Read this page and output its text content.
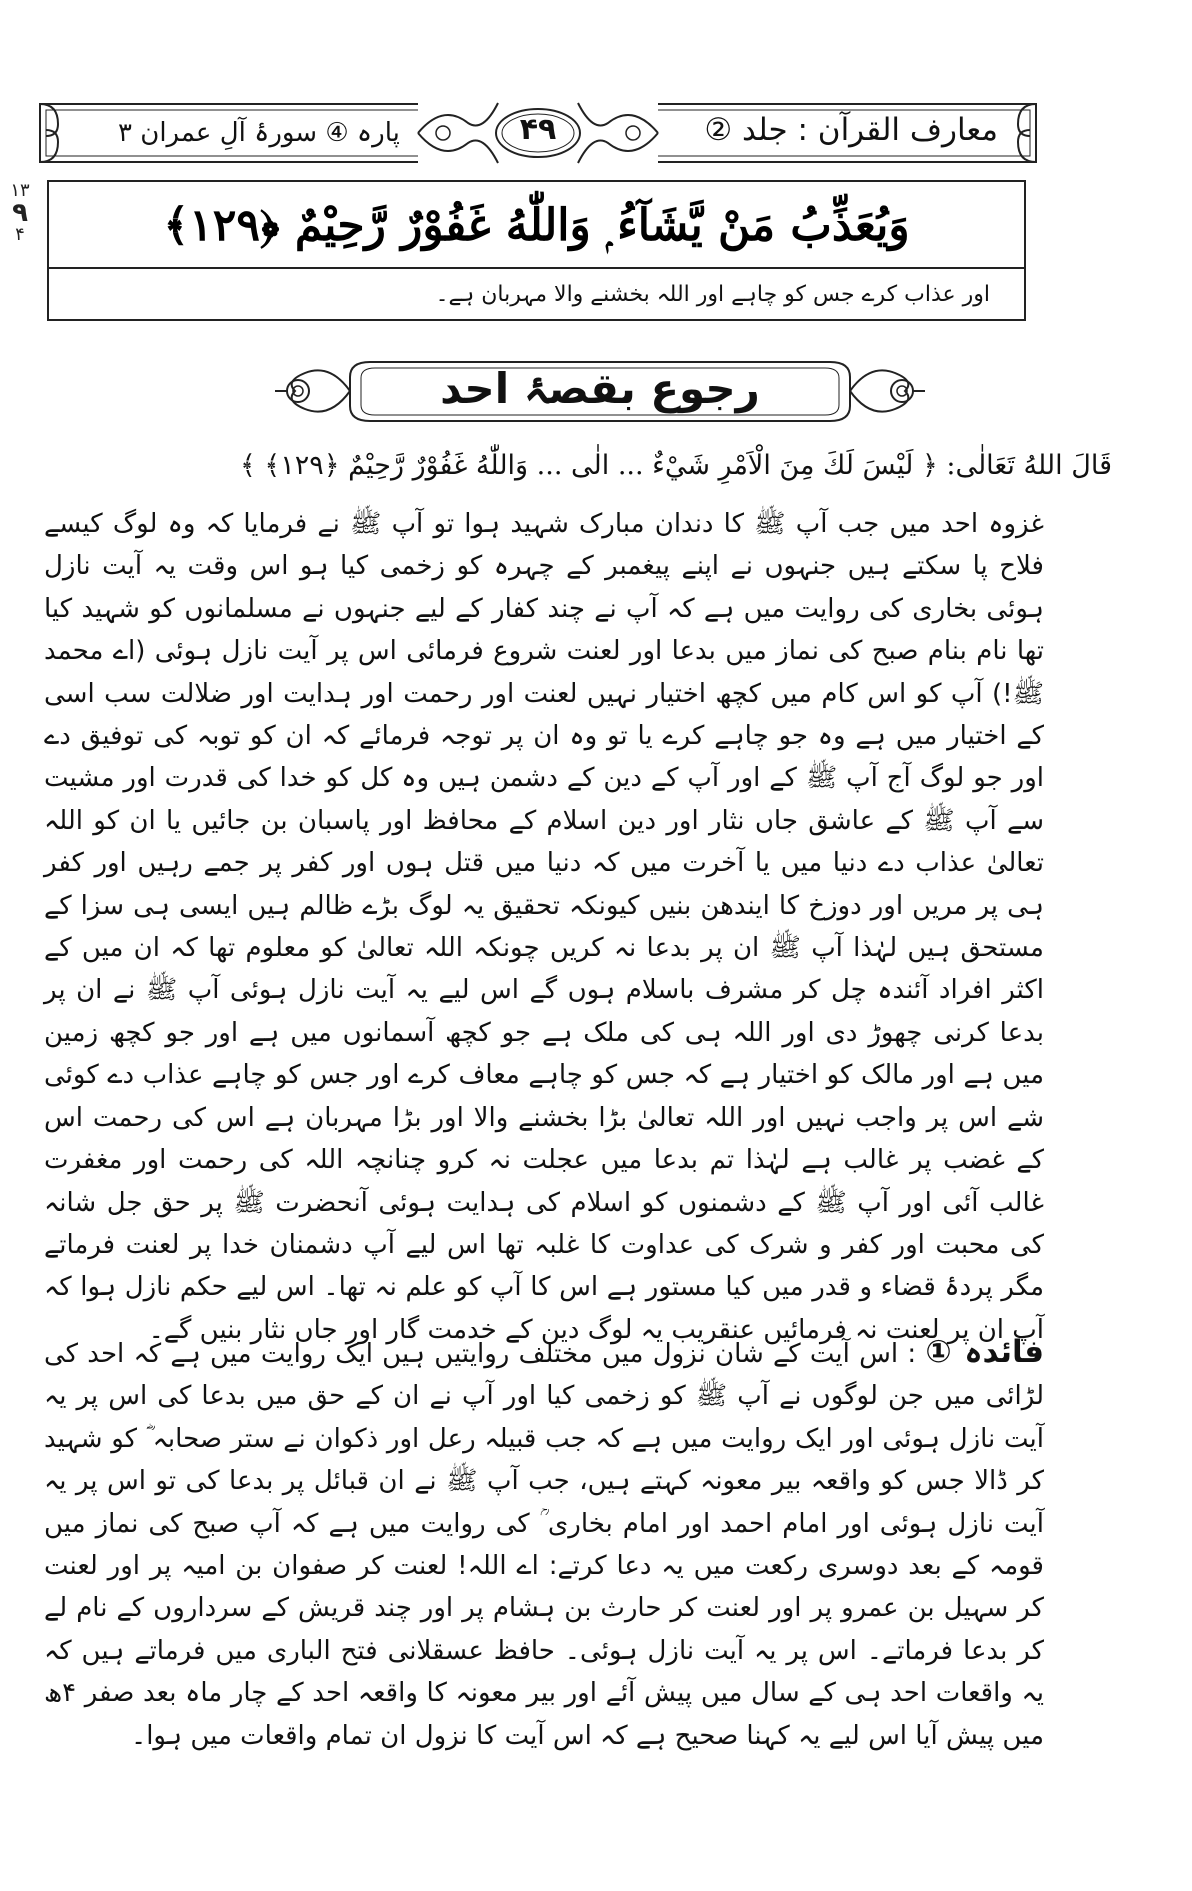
معارف القرآن : جلد ②
۴۹
پارہ ④ سورۂ آلِ عمران ۳
۱۳
۹
۴	وَيُعَذِّبُ مَنْ يَّشَآءُ ۭ وَاللّٰهُ غَفُوْرٌ رَّحِيْمٌ ﴿۱۲۹﴾
اور عذاب کرے جس کو چاہے اور اللہ بخشنے والا مہربان ہے۔
رجوع بقصۂ احد
قَالَ اللهُ تَعَالٰی: ﴿ لَيْسَ لَكَ مِنَ الْاَمْرِ شَيْءٌ ... الٰی ... وَاللّٰهُ غَفُوْرٌ رَّحِيْمٌ ﴿۱۲۹﴾ ﴾

غزوہ احد میں جب آپ ﷺ کا دندان مبارک شہید ہوا تو آپ ﷺ نے فرمایا کہ وہ لوگ کیسے فلاح پا سکتے ہیں جنہوں نے اپنے پیغمبر کے چہرہ کو زخمی کیا ہو اس وقت یہ آیت نازل ہوئی بخاری کی روایت میں ہے کہ آپ نے چند کفار کے لیے جنہوں نے مسلمانوں کو شہید کیا تھا نام بنام صبح کی نماز میں بدعا اور لعنت شروع فرمائی اس پر آیت نازل ہوئی (اے محمد ﷺ!) آپ کو اس کام میں کچھ اختیار نہیں لعنت اور رحمت اور ہدایت اور ضلالت سب اسی کے اختیار میں ہے وہ جو چاہے کرے یا تو وہ ان پر توجہ فرمائے کہ ان کو توبہ کی توفیق دے اور جو لوگ آج آپ ﷺ کے اور آپ کے دین کے دشمن ہیں وہ کل کو خدا کی قدرت اور مشیت سے آپ ﷺ کے عاشق جاں نثار اور دین اسلام کے محافظ اور پاسبان بن جائیں یا ان کو اللہ تعالیٰ عذاب دے دنیا میں یا آخرت میں کہ دنیا میں قتل ہوں اور کفر پر جمے رہیں اور کفر ہی پر مریں اور دوزخ کا ایندھن بنیں کیونکہ تحقیق یہ لوگ بڑے ظالم ہیں ایسی ہی سزا کے مستحق ہیں لہٰذا آپ ﷺ ان پر بدعا نہ کریں چونکہ اللہ تعالیٰ کو معلوم تھا کہ ان میں کے اکثر افراد آئندہ چل کر مشرف باسلام ہوں گے اس لیے یہ آیت نازل ہوئی آپ ﷺ نے ان پر بدعا کرنی چھوڑ دی اور اللہ ہی کی ملک ہے جو کچھ آسمانوں میں ہے اور جو کچھ زمین میں ہے اور مالک کو اختیار ہے کہ جس کو چاہے معاف کرے اور جس کو چاہے عذاب دے کوئی شے اس پر واجب نہیں اور اللہ تعالیٰ بڑا بخشنے والا اور بڑا مہربان ہے اس کی رحمت اس کے غضب پر غالب ہے لہٰذا تم بدعا میں عجلت نہ کرو چنانچہ اللہ کی رحمت اور مغفرت غالب آئی اور آپ ﷺ کے دشمنوں کو اسلام کی ہدایت ہوئی آنحضرت ﷺ پر حق جل شانہ کی محبت اور کفر و شرک کی عداوت کا غلبہ تھا اس لیے آپ دشمنان خدا پر لعنت فرماتے مگر پردۂ قضاء و قدر میں کیا مستور ہے اس کا آپ کو علم نہ تھا۔ اس لیے حکم نازل ہوا کہ آپ ان پر لعنت نہ فرمائیں عنقریب یہ لوگ دین کے خدمت گار اور جاں نثار بنیں گے۔

فائدہ ① : اس آیت کے شان نزول میں مختلف روایتیں ہیں ایک روایت میں ہے کہ احد کی لڑائی میں جن لوگوں نے آپ ﷺ کو زخمی کیا اور آپ نے ان کے حق میں بدعا کی اس پر یہ آیت نازل ہوئی اور ایک روایت میں ہے کہ جب قبیلہ رعل اور ذکوان نے ستر صحابہ ؓ کو شہید کر ڈالا جس کو واقعہ بیر معونہ کہتے ہیں، جب آپ ﷺ نے ان قبائل پر بدعا کی تو اس پر یہ آیت نازل ہوئی اور امام احمد اور امام بخاری ؒ کی روایت میں ہے کہ آپ صبح کی نماز میں قومہ کے بعد دوسری رکعت میں یہ دعا کرتے: اے اللہ! لعنت کر صفوان بن امیہ پر اور لعنت کر سہیل بن عمرو پر اور لعنت کر حارث بن ہشام پر اور چند قریش کے سرداروں کے نام لے کر بدعا فرماتے۔ اس پر یہ آیت نازل ہوئی۔ حافظ عسقلانی فتح الباری میں فرماتے ہیں کہ یہ واقعات احد ہی کے سال میں پیش آئے اور بیر معونہ کا واقعہ احد کے چار ماہ بعد صفر ۴ھ میں پیش آیا اس لیے یہ کہنا صحیح ہے کہ اس آیت کا نزول ان تمام واقعات میں ہوا۔
